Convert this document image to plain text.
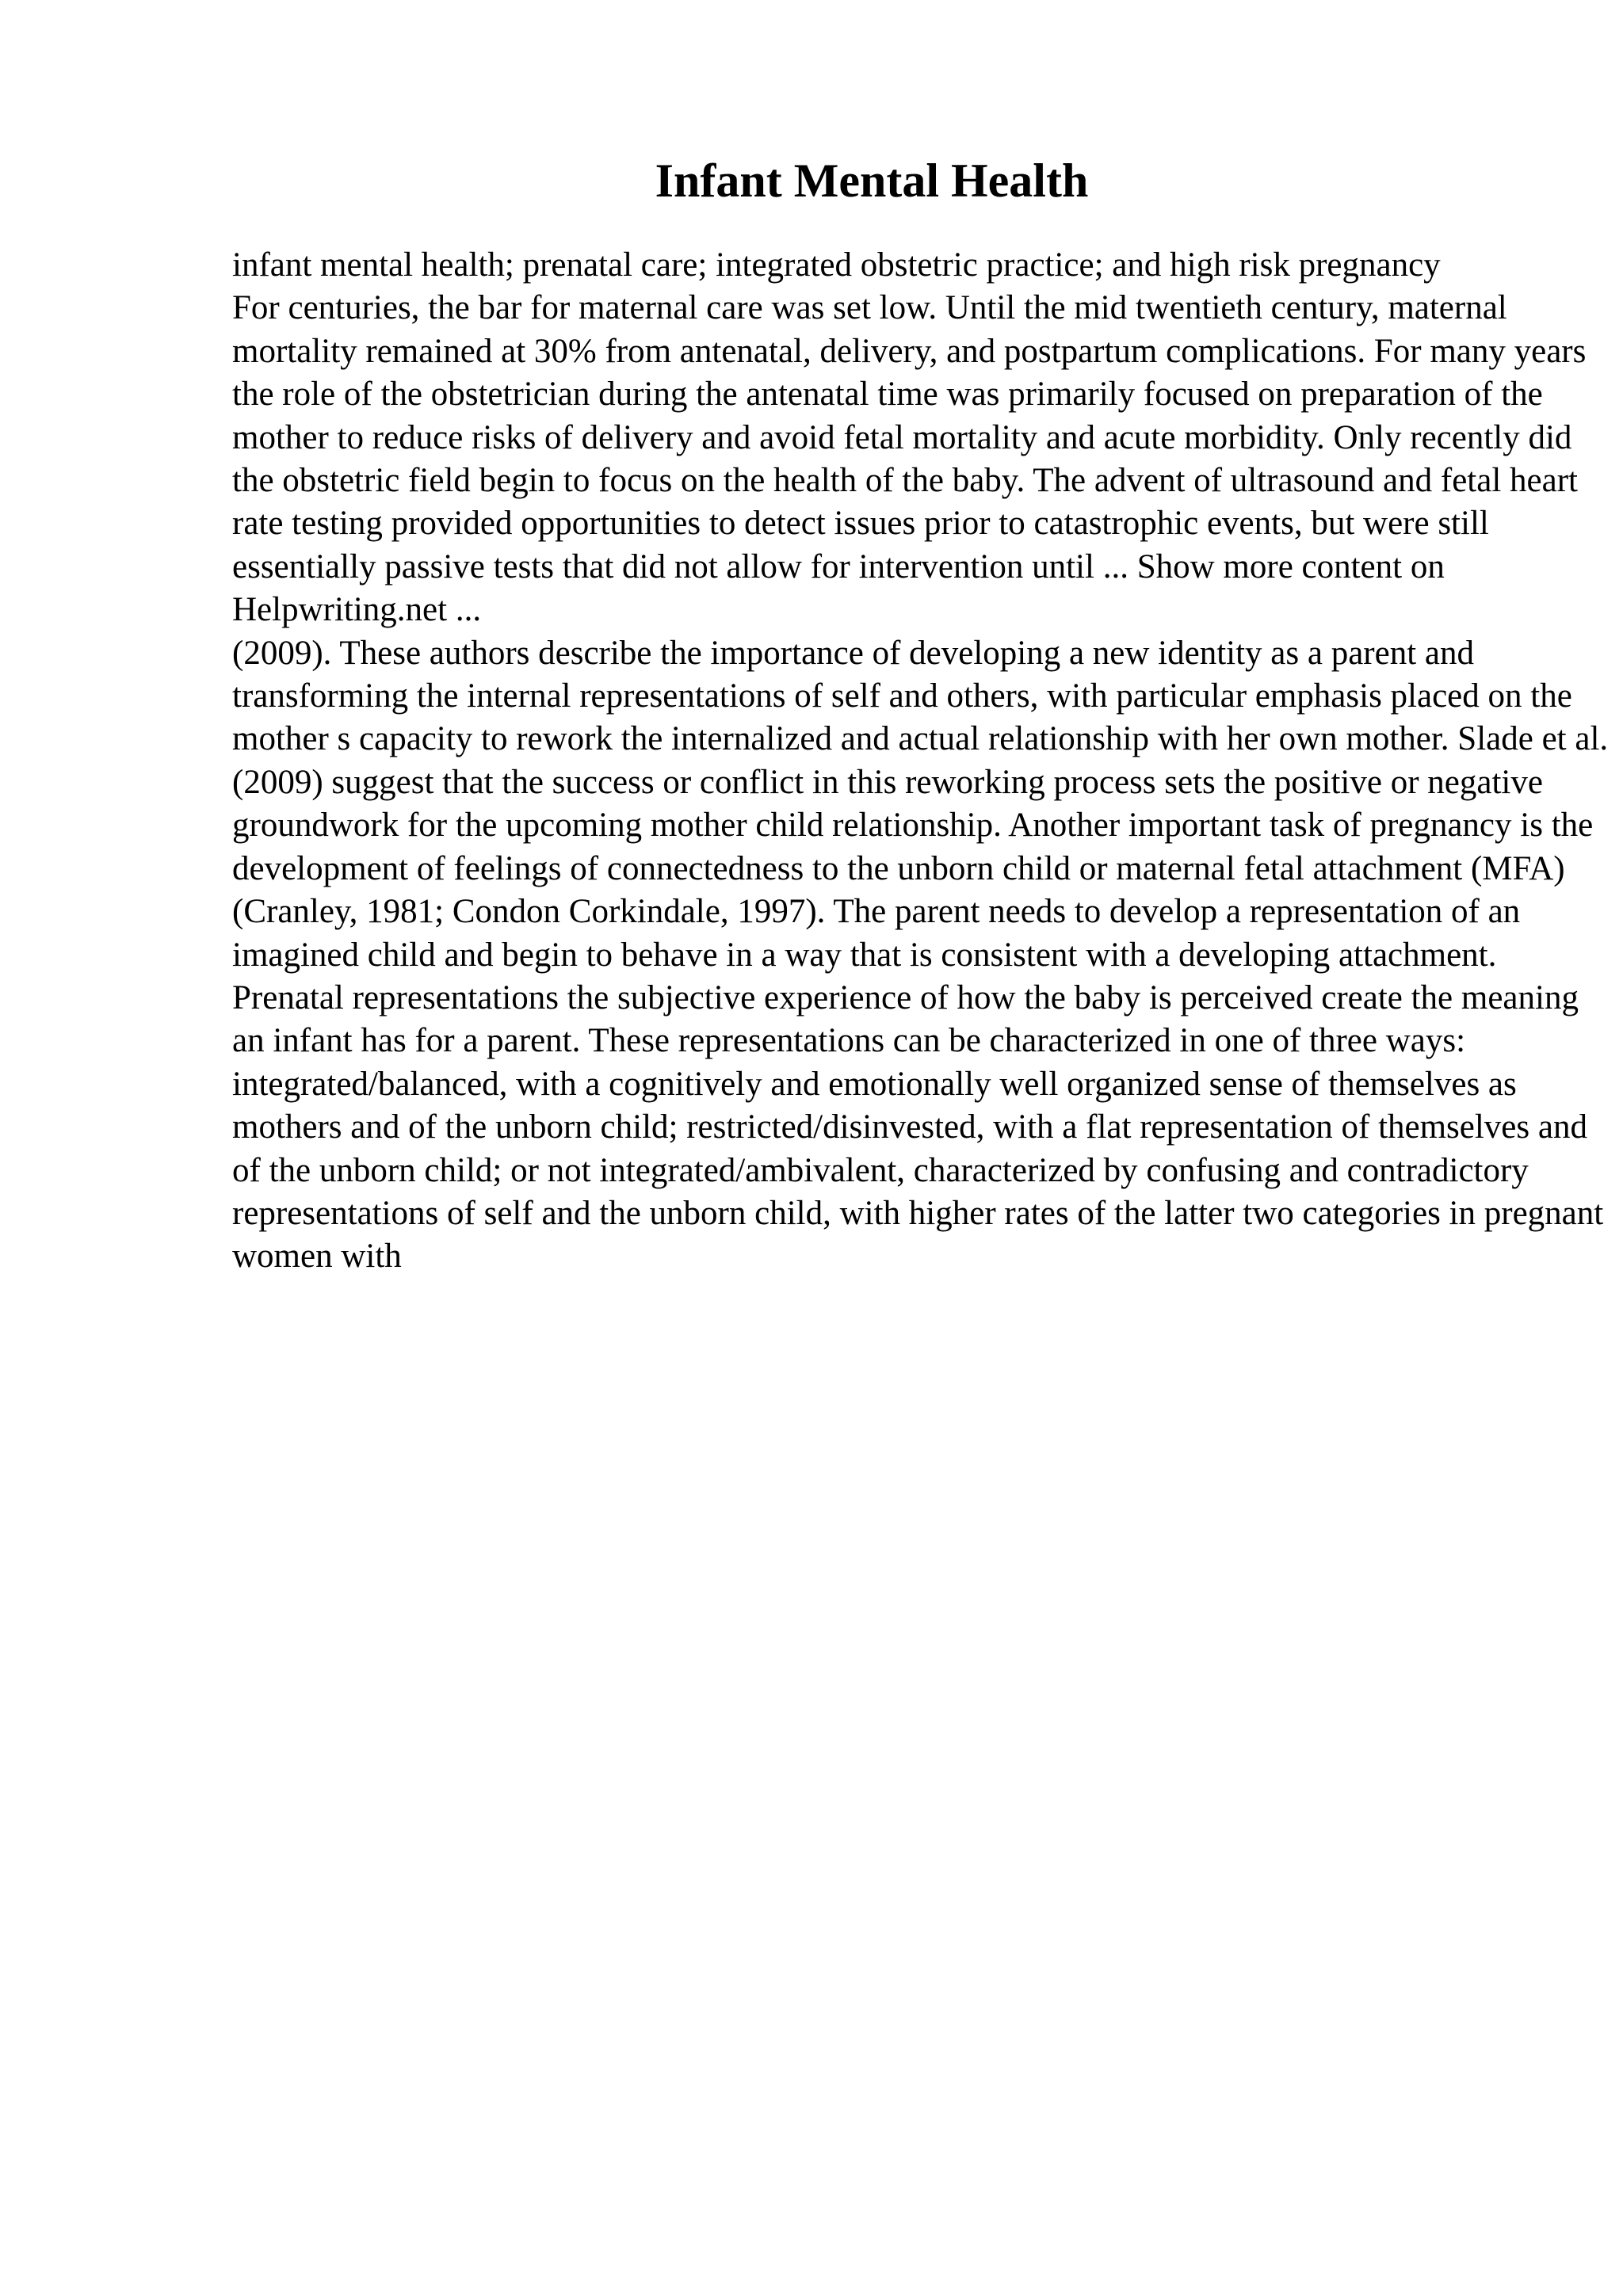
Infant Mental Health

infant mental health; prenatal care; integrated obstetric practice; and high risk pregnancy

For centuries, the bar for maternal care was set low. Until the mid twentieth century, maternal mortality remained at 30% from antenatal, delivery, and postpartum complications. For many years the role of the obstetrician during the antenatal time was primarily focused on preparation of the mother to reduce risks of delivery and avoid fetal mortality and acute morbidity. Only recently did the obstetric field begin to focus on the health of the baby. The advent of ultrasound and fetal heart rate testing provided opportunities to detect issues prior to catastrophic events, but were still essentially passive tests that did not allow for intervention until ... Show more content on Helpwriting.net ...

(2009). These authors describe the importance of developing a new identity as a parent and transforming the internal representations of self and others, with particular emphasis placed on the mother s capacity to rework the internalized and actual relationship with her own mother. Slade et al. (2009) suggest that the success or conflict in this reworking process sets the positive or negative groundwork for the upcoming mother child relationship. Another important task of pregnancy is the development of feelings of connectedness to the unborn child or maternal fetal attachment (MFA) (Cranley, 1981; Condon Corkindale, 1997). The parent needs to develop a representation of an imagined child and begin to behave in a way that is consistent with a developing attachment. Prenatal representations the subjective experience of how the baby is perceived create the meaning an infant has for a parent. These representations can be characterized in one of three ways: integrated/balanced, with a cognitively and emotionally well organized sense of themselves as mothers and of the unborn child; restricted/disinvested, with a flat representation of themselves and of the unborn child; or not integrated/ambivalent, characterized by confusing and contradictory representations of self and the unborn child, with higher rates of the latter two categories in pregnant women with
